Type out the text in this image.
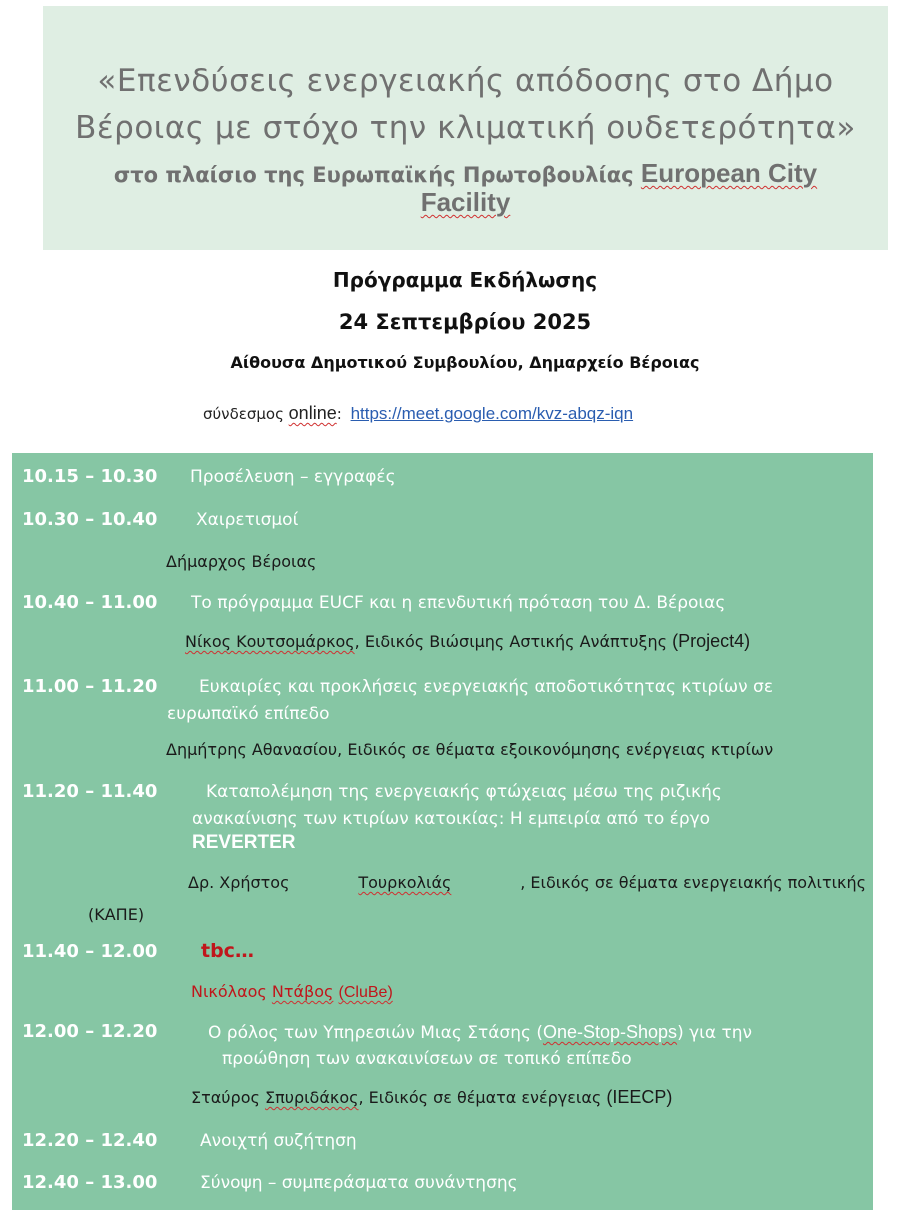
«Επενδύσεις ενεργειακής απόδοσης στο Δήμο
Βέροιας με στόχο την κλιματική ουδετερότητα»
στο πλαίσιο της Ευρωπαϊκής Πρωτοβουλίας European City
Facility
Πρόγραμμα Εκδήλωσης
24 Σεπτεμβρίου 2025
Αίθουσα Δημοτικού Συμβουλίου, Δημαρχείο Βέροιας
σύνδεσμος online: https://meet.google.com/kvz-abqz-iqn
10.15 – 10.30 Προσέλευση – εγγραφές
10.30 – 10.40 Χαιρετισμοί
Δήμαρχος Βέροιας
10.40 – 11.00 Το πρόγραμμα EUCF και η επενδυτική πρόταση του Δ. Βέροιας
Νίκος Κουτσομάρκος, Ειδικός Βιώσιμης Αστικής Ανάπτυξης (Project4)
11.00 – 11.20 Ευκαιρίες και προκλήσεις ενεργειακής αποδοτικότητας κτιρίων σε
ευρωπαϊκό επίπεδο
Δημήτρης Αθανασίου, Ειδικός σε θέματα εξοικονόμησης ενέργειας κτιρίων
11.20 – 11.40	Καταπολέμηση της ενεργειακής φτώχειας μέσω της ριζικής
ανακαίνισης των κτιρίων κατοικίας: Η εμπειρία από το έργο
REVERTER
Δρ. Χρήστος	Τουρκολιάς	, Ειδικός σε θέματα ενεργειακής πολιτικής
(ΚΑΠΕ)
11.40 – 12.00 tbc…
Νικόλαος Ντάβος (CluBe)
12.00 – 12.20	Ο ρόλος των Υπηρεσιών Μιας Στάσης (One-Stop-Shops) για την
προώθηση των ανακαινίσεων σε τοπικό επίπεδο
Σταύρος Σπυριδάκος, Ειδικός σε θέματα ενέργειας (IEECP)
12.20 – 12.40	Ανοιχτή συζήτηση
12.40 – 13.00	Σύνοψη – συμπεράσματα συνάντησης
